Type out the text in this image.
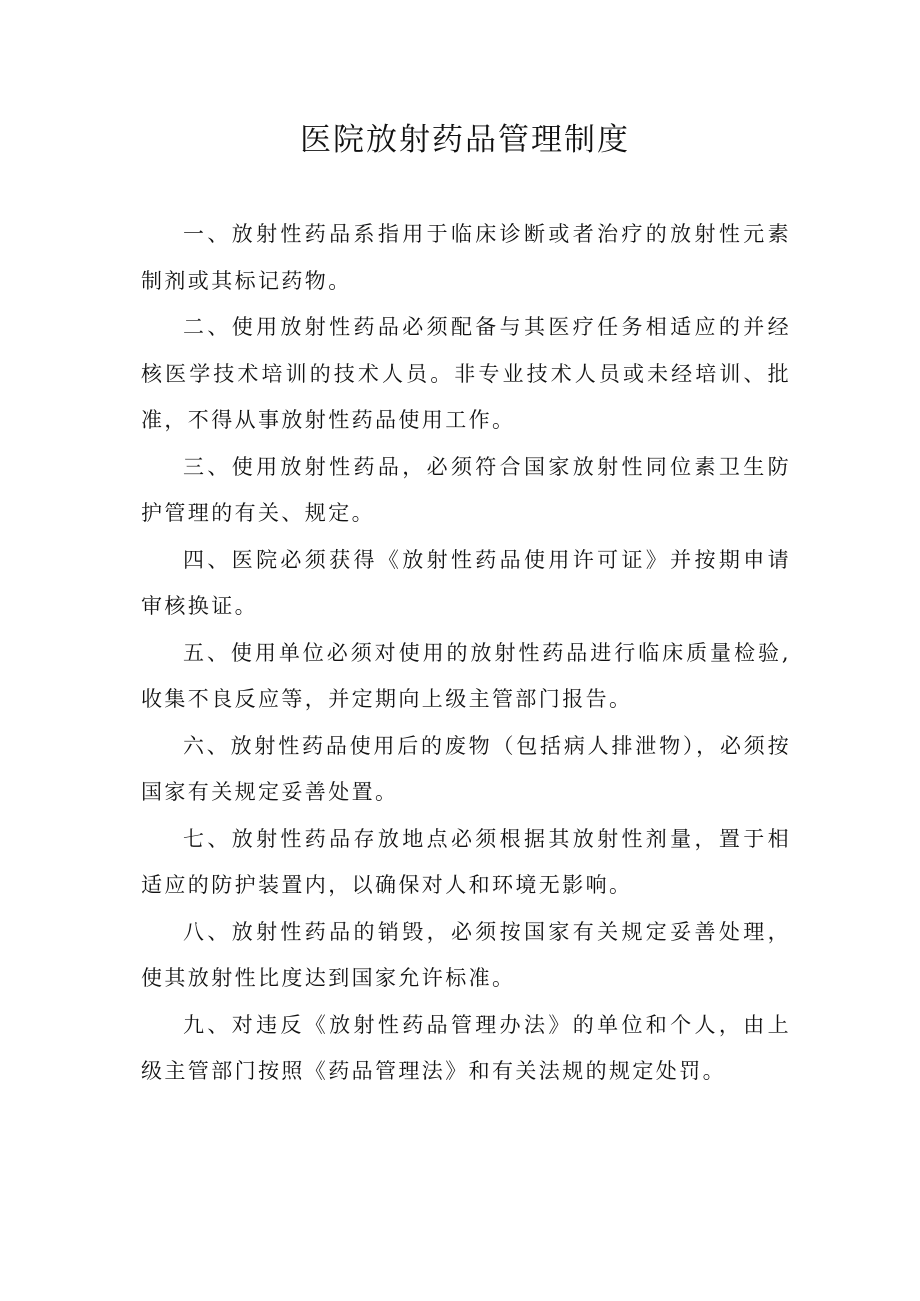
医院放射药品管理制度

一、放射性药品系指用于临床诊断或者治疗的放射性元素制剂或其标记药物。

二、使用放射性药品必须配备与其医疗任务相适应的并经核医学技术培训的技术人员。非专业技术人员或未经培训、批准，不得从事放射性药品使用工作。

三、使用放射性药品，必须符合国家放射性同位素卫生防护管理的有关、规定。

四、医院必须获得《放射性药品使用许可证》并按期申请审核换证。

五、使用单位必须对使用的放射性药品进行临床质量检验,收集不良反应等，并定期向上级主管部门报告。

六、放射性药品使用后的废物（包括病人排泄物），必须按国家有关规定妥善处置。

七、放射性药品存放地点必须根据其放射性剂量，置于相适应的防护装置内，以确保对人和环境无影响。

八、放射性药品的销毁，必须按国家有关规定妥善处理，使其放射性比度达到国家允许标准。

九、对违反《放射性药品管理办法》的单位和个人，由上级主管部门按照《药品管理法》和有关法规的规定处罚。
